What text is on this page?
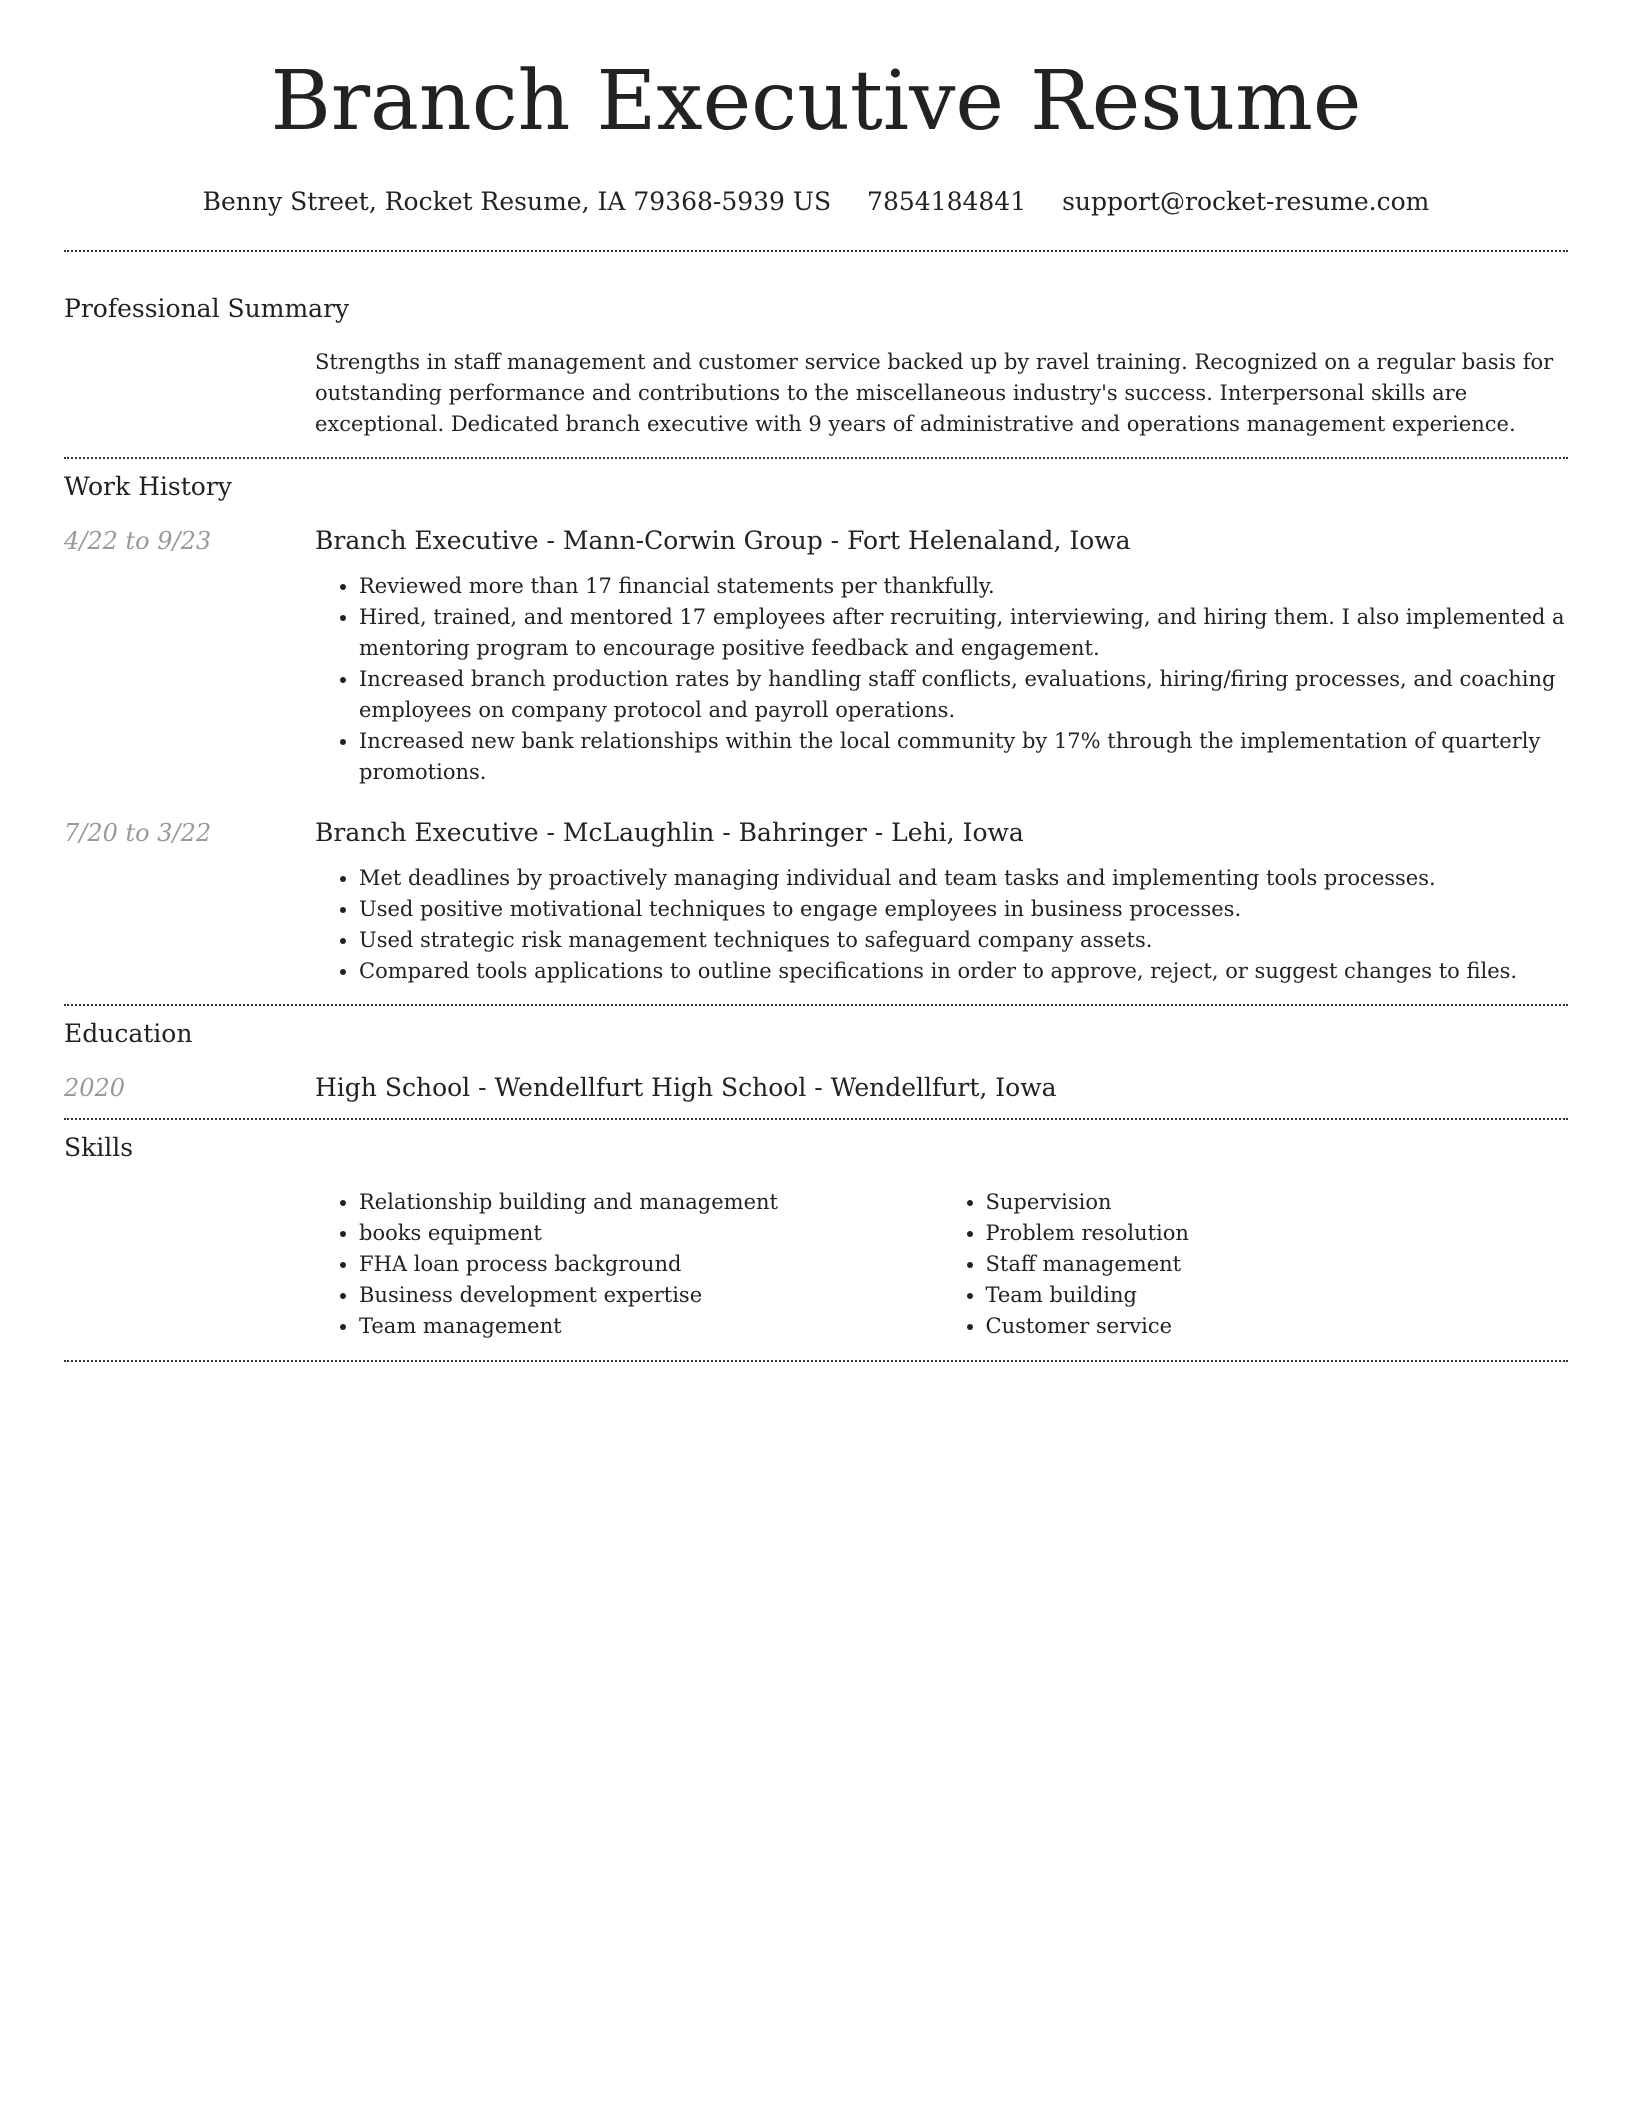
Branch Executive Resume
Benny Street, Rocket Resume, IA 79368-5939 US 7854184841 support@rocket-resume.com
Professional Summary
Strengths in staff management and customer service backed up by ravel training. Recognized on a regular basis for outstanding performance and contributions to the miscellaneous industry's success. Interpersonal skills are exceptional. Dedicated branch executive with 9 years of administrative and operations management experience.
Work History
4/22 to 9/23	Branch Executive - Mann-Corwin Group - Fort Helenaland, Iowa
• Reviewed more than 17 financial statements per thankfully.
• Hired, trained, and mentored 17 employees after recruiting, interviewing, and hiring them. I also implemented a mentoring program to encourage positive feedback and engagement.
• Increased branch production rates by handling staff conflicts, evaluations, hiring/firing processes, and coaching employees on company protocol and payroll operations.
• Increased new bank relationships within the local community by 17% through the implementation of quarterly promotions.
7/20 to 3/22	Branch Executive - McLaughlin - Bahringer - Lehi, Iowa
• Met deadlines by proactively managing individual and team tasks and implementing tools processes.
• Used positive motivational techniques to engage employees in business processes.
• Used strategic risk management techniques to safeguard company assets.
• Compared tools applications to outline specifications in order to approve, reject, or suggest changes to files.
Education
2020	High School - Wendellfurt High School - Wendellfurt, Iowa
Skills
• Relationship building and management
• books equipment
• FHA loan process background
• Business development expertise
• Team management
• Supervision
• Problem resolution
• Staff management
• Team building
• Customer service
